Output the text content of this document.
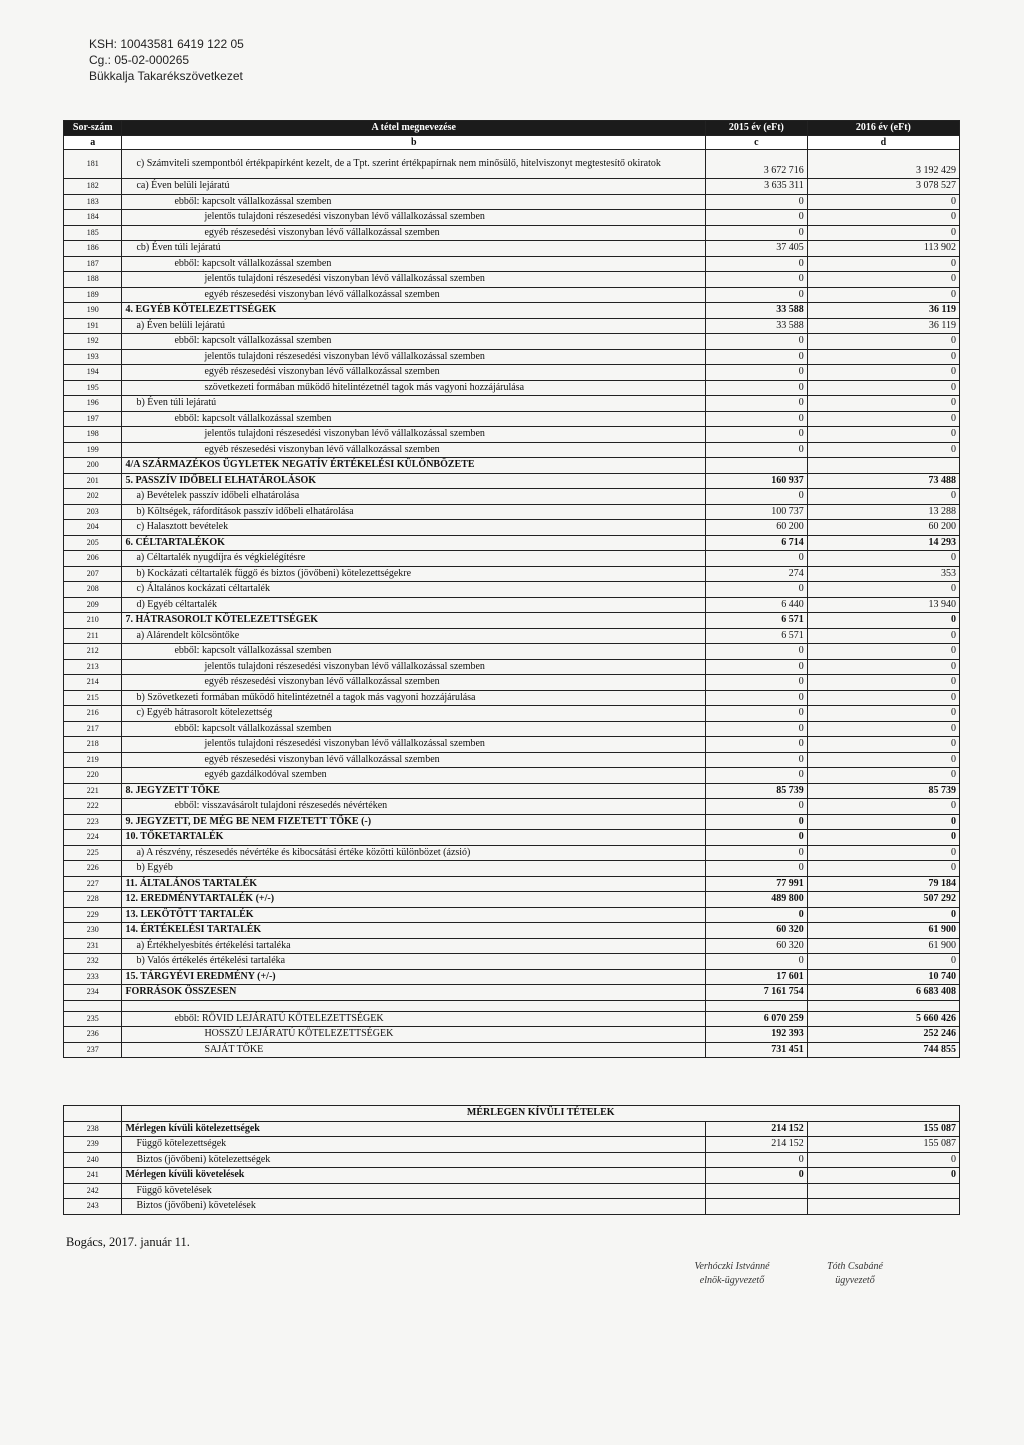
KSH: 10043581 6419 122 05
Cg.: 05-02-000265
Bükkalja Takarékszövetkezet
Sor-szám	A tétel megnevezése	2015 év (eFt)	2016 év (eFt)
a	b	c	d
181	c) Számviteli szempontból értékpapírként kezelt, de a Tpt. szerint értékpapírnak nem minősülő, hitelviszonyt megtestesítő okiratok	3 672 716	3 192 429
182	ca) Éven belüli lejáratú	3 635 311	3 078 527
183	ebből: kapcsolt vállalkozással szemben	0	0
184	jelentős tulajdoni részesedési viszonyban lévő vállalkozással szemben	0	0
185	egyéb részesedési viszonyban lévő vállalkozással szemben	0	0
186	cb) Éven túli lejáratú	37 405	113 902
187	ebből: kapcsolt vállalkozással szemben	0	0
188	jelentős tulajdoni részesedési viszonyban lévő vállalkozással szemben	0	0
189	egyéb részesedési viszonyban lévő vállalkozással szemben	0	0
190	4. EGYÉB KÖTELEZETTSÉGEK	33 588	36 119
191	a) Éven belüli lejáratú	33 588	36 119
192	ebből: kapcsolt vállalkozással szemben	0	0
193	jelentős tulajdoni részesedési viszonyban lévő vállalkozással szemben	0	0
194	egyéb részesedési viszonyban lévő vállalkozással szemben	0	0
195	szövetkezeti formában működő hitelintézetnél tagok más vagyoni hozzájárulása	0	0
196	b) Éven túli lejáratú	0	0
197	ebből: kapcsolt vállalkozással szemben	0	0
198	jelentős tulajdoni részesedési viszonyban lévő vállalkozással szemben	0	0
199	egyéb részesedési viszonyban lévő vállalkozással szemben	0	0
200	4/A SZÁRMAZÉKOS ÜGYLETEK NEGATÍV ÉRTÉKELÉSI KÜLÖNBÖZETE		
201	5. PASSZÍV IDŐBELI ELHATÁROLÁSOK	160 937	73 488
202	a) Bevételek passzív időbeli elhatárolása	0	0
203	b) Költségek, ráfordítások passzív időbeli elhatárolása	100 737	13 288
204	c) Halasztott bevételek	60 200	60 200
205	6. CÉLTARTALÉKOK	6 714	14 293
206	a) Céltartalék nyugdíjra és végkielégítésre	0	0
207	b) Kockázati céltartalék függő és biztos (jövőbeni) kötelezettségekre	274	353
208	c) Általános kockázati céltartalék	0	0
209	d) Egyéb céltartalék	6 440	13 940
210	7. HÁTRASOROLT KÖTELEZETTSÉGEK	6 571	0
211	a) Alárendelt kölcsöntőke	6 571	0
212	ebből: kapcsolt vállalkozással szemben	0	0
213	jelentős tulajdoni részesedési viszonyban lévő vállalkozással szemben	0	0
214	egyéb részesedési viszonyban lévő vállalkozással szemben	0	0
215	b) Szövetkezeti formában működő hitelintézetnél a tagok más vagyoni hozzájárulása	0	0
216	c) Egyéb hátrasorolt kötelezettség	0	0
217	ebből: kapcsolt vállalkozással szemben	0	0
218	jelentős tulajdoni részesedési viszonyban lévő vállalkozással szemben	0	0
219	egyéb részesedési viszonyban lévő vállalkozással szemben	0	0
220	egyéb gazdálkodóval szemben	0	0
221	8. JEGYZETT TŐKE	85 739	85 739
222	ebből: visszavásárolt tulajdoni részesedés névértéken	0	0
223	9. JEGYZETT, DE MÉG BE NEM FIZETETT TŐKE (-)	0	0
224	10. TŐKETARTALÉK	0	0
225	a) A részvény, részesedés névértéke és kibocsátási értéke közötti különbözet (ázsió)	0	0
226	b) Egyéb	0	0
227	11. ÁLTALÁNOS TARTALÉK	77 991	79 184
228	12. EREDMÉNYTARTALÉK (+/-)	489 800	507 292
229	13. LEKÖTÖTT TARTALÉK	0	0
230	14. ÉRTÉKELÉSI TARTALÉK	60 320	61 900
231	a) Értékhelyesbítés értékelési tartaléka	60 320	61 900
232	b) Valós értékelés értékelési tartaléka	0	0
233	15. TÁRGYÉVI EREDMÉNY (+/-)	17 601	10 740
234	FORRÁSOK ÖSSZESEN	7 161 754	6 683 408

235	ebből: RÖVID LEJÁRATÚ KÖTELEZETTSÉGEK	6 070 259	5 660 426
236	HOSSZÚ LEJÁRATÚ KÖTELEZETTSÉGEK	192 393	252 246
237	SAJÁT TŐKE	731 451	744 855
	MÉRLEGEN KÍVÜLI TÉTELEK		
238	Mérlegen kívüli kötelezettségek	214 152	155 087
239	Függő kötelezettségek	214 152	155 087
240	Biztos (jövőbeni) kötelezettségek	0	0
241	Mérlegen kívüli követelések	0	0
242	Függő követelések		
243	Biztos (jövőbeni) követelések		
Bogács, 2017. január 11.
Verhóczki Istvánné
elnök-ügyvezető
Tóth Csabáné
ügyvezető
